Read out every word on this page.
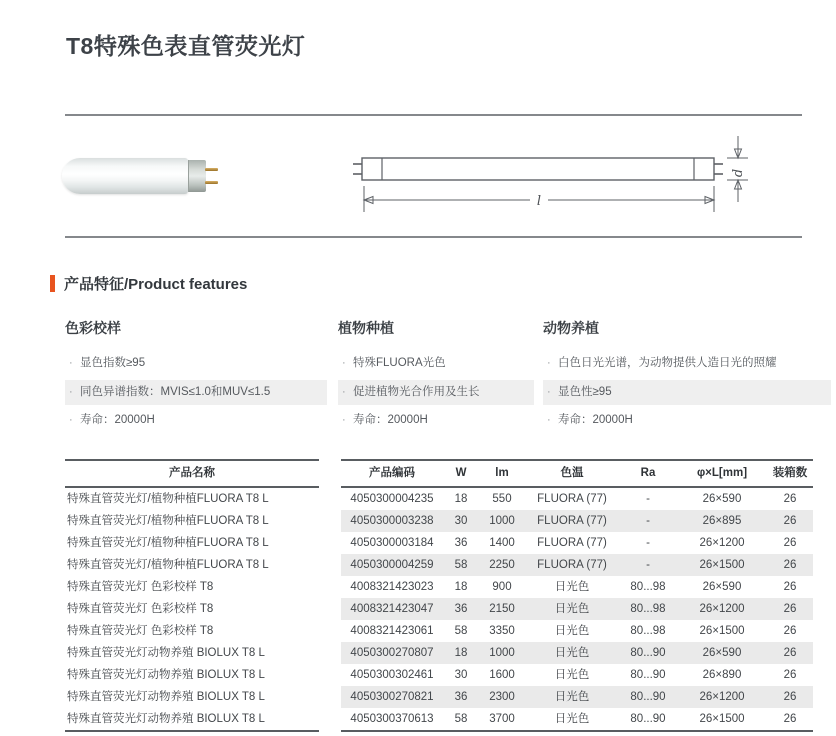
T8特殊色表直管荧光灯
d
l
产品特征/Product features
色彩校样
· 显色指数≥95
· 同色异谱指数：MVIS≤1.0和MUV≤1.5
· 寿命：20000H
植物种植
· 特殊FLUORA光色
· 促进植物光合作用及生长
· 寿命：20000H
动物养植
· 白色日光光谱，为动物提供人造日光的照耀
· 显色性≥95
· 寿命：20000H
产品名称		产品编码	W	lm	色温	Ra	φ×L[mm]	装箱数
特殊直管荧光灯/植物种植FLUORA T8 L		4050300004235	18	550	FLUORA (77)	-	26×590	26
特殊直管荧光灯/植物种植FLUORA T8 L		4050300003238	30	1000	FLUORA (77)	-	26×895	26
特殊直管荧光灯/植物种植FLUORA T8 L		4050300003184	36	1400	FLUORA (77)	-	26×1200	26
特殊直管荧光灯/植物种植FLUORA T8 L		4050300004259	58	2250	FLUORA (77)	-	26×1500	26
特殊直管荧光灯 色彩校样 T8		4008321423023	18	900	日光色	80...98	26×590	26
特殊直管荧光灯 色彩校样 T8		4008321423047	36	2150	日光色	80...98	26×1200	26
特殊直管荧光灯 色彩校样 T8		4008321423061	58	3350	日光色	80...98	26×1500	26
特殊直管荧光灯动物养殖 BIOLUX T8 L		4050300270807	18	1000	日光色	80...90	26×590	26
特殊直管荧光灯动物养殖 BIOLUX T8 L		4050300302461	30	1600	日光色	80...90	26×890	26
特殊直管荧光灯动物养殖 BIOLUX T8 L		4050300270821	36	2300	日光色	80...90	26×1200	26
特殊直管荧光灯动物养殖 BIOLUX T8 L		4050300370613	58	3700	日光色	80...90	26×1500	26
